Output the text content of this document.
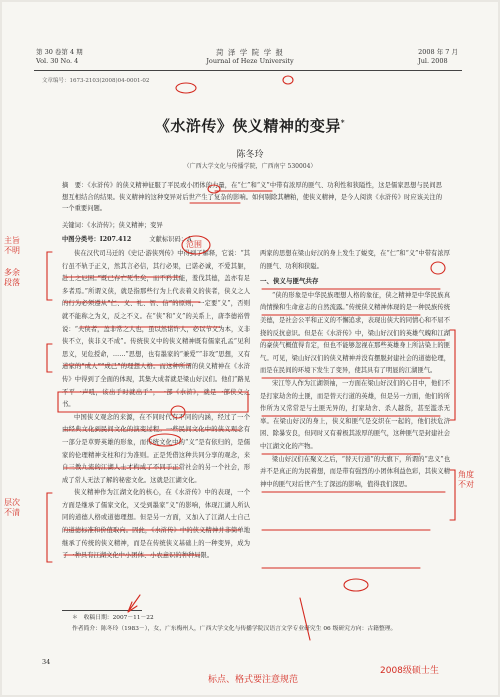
第 30 卷第 4 期
Vol. 30 No. 4
菏 泽 学 院 学 报
Journal of Heze University
2008 年 7 月
Jul. 2008
文章编号：1673-2103(2008)04-0001-02
《水浒传》侠义精神的变异*
陈冬玲
（广西大学文化与传播学院，广西南宁 530004）
摘　要：《水浒传》的侠义精神征服了平民或小团体的力量，在“仁”和“义”中带有浓厚的匪气、功利性和狭隘性，这是儒家思想与民间思想互相结合的结果。侠义精神的这种变异对后世产生了复杂的影响。如何剔除其糟粕，使侠义精神，是今人阅读《水浒传》时应该关注的一个重要问题。
关键词：《水浒传》；侠义精神；变异
中图分类号：I207.412	文献标识码：A

侠在汉代司马迁的《史记·游侠列传》中得到了解释，它说：“其行虽不轨于正义，然其言必信，其行必果，已诺必诚，不爱其躯，赴士之厄困。”既已存亡死生矣，而不矜其能，羞伐其德，盖亦有足多者焉。”所谓义侠，就是指那些行为上代表着义的侠者，侠义之人的行为必须遵从“仁、义、礼、智、信”的原则，一定要“义”，否则就不能称之为义，反之不义。在“侠”和“义”的关系上，唐李德裕曾说：“夫侠者，盖非常之人也，虽以然诺许人，必以节义为本，义非侠不立，侠非义不成”。传统侠义中的侠义精神既有儒家孔孟“见利思义，见危授命，……”思想，也有墨家的“兼爱”“非攻”思想，又有道家的“成人”“成己”的理想人格。而这种所谓的侠义精神在《水浒传》中得到了全面的体现，其集大成者就是梁山好汉们。他们“路见不平一声吼，该出手时就出手”，一部《水浒》，就是一部侠义之书。

中国侠义观念的来源，在不同时代有不同的内涵，经过了一个由经典文化到民间文化的演变过程。一些民间文化中的侠义观念有一部分是草野英雄的形象，而传统文化中的“义”是有依归的，是儒家的伦理精神支柱和行为准则。正是凭借这种共同分享的观念，来自三教九流的江湖人士才构成了不同于正常社会的另一个社会，形成了常人无法了解的秘密文化。这就是江湖文化。

侠义精神作为江湖文化的核心，在《水浒传》中的表现，一个方面是继承了儒家文化，又受到墨家“义”的影响，体现江湖人所认同的道德人格或道德理想。但是另一方面，又加入了江湖人士自己的道德标准和价值取向。因此，《水浒传》中的侠义精神并非简单地继承了传统的侠义精神，而是在传统侠义基础上的一种变异，成为了一种具有江湖文化中小团体、小农意识的种种局限。

两家的思想在梁山好汉的身上发生了蜕变，在“仁”和“义”中带有浓厚的匪气、功利和狭隘。

一、侠义与匪气共存

“侠的形象是中华民族理想人格的象征，侠之精神是中华民族真尚情操和生命意志的自然流露。”传统侠义精神体现的是一种民族传统美德，是社会公平和正义的不懈追求，表现出侠大的同情心和不屈不挠的反抗意识。但是在《水浒传》中，梁山好汉们的英雄气魄和江湖的豪侠气概值得肯定，但也不能够忽视在那些英雄身上所沾染上的匪气。可见，梁山好汉们的侠义精神并没有摆脱封建社会的道德伦理，而是在民间的环境下发生了变异，使其具有了明显的江湖匪气。

宋江等人作为江湖领袖，一方面在梁山好汉们的心目中，他们不是打家劫舍的土匪，而是替天行道的英雄，但是另一方面，他们的所作所为又常常是与土匪无异的，打家劫舍、杀人越货，甚至滥杀无辜。在梁山好汉的身上，侠义和匪气是交织在一起的，他们扶危济困、除暴安良，但同时又有着极其浓厚的匪气，这种匪气是封建社会中江湖文化的产物。

梁山好汉们在聚义之后，“替天行道”的大旗下，所谓的“忠义”也并不是真正的为民着想，而是带有强烈的小团体利益色彩，其侠义精神中的匪气对后世产生了深远的影响，值得我们深思。

＊　收稿日期：2007－11－22
作者简介：陈冬玲（1983－），女，广东梅州人，广西大学文化与传播学院汉语言文学专业研究生 06 级研究方向：古籍整理。
34
主旨
不明
多余
段落
层次
不清
范围
角度
不对
标点、格式要注意规范
2008级硕士生
